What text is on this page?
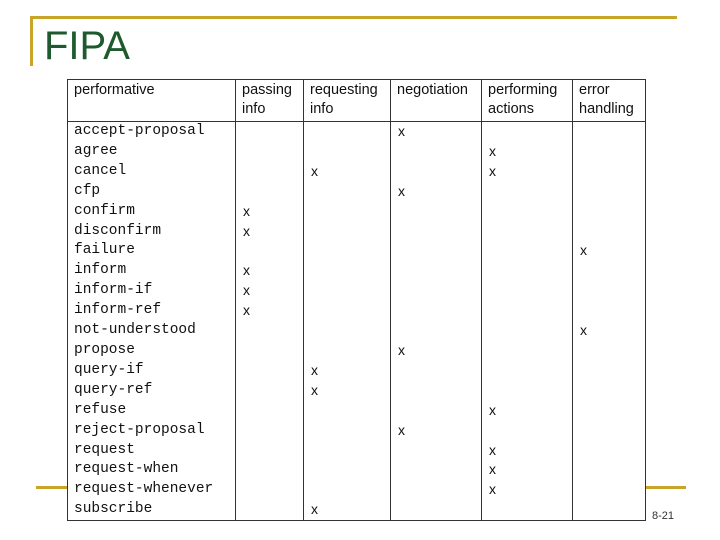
FIPA
performative	passing info	requesting info	negotiation	performing actions	error handling
accept-proposal			x		
agree				x	
cancel		x		x	
cfp			x		
confirm	x				
disconfirm	x				
failure					x
inform	x				
inform-if	x				
inform-ref	x				
not-understood					x
propose			x		
query-if		x			
query-ref		x			
refuse				x	
reject-proposal			x		
request				x	
request-when				x	
request-whenever				x	
subscribe		x				8-21
